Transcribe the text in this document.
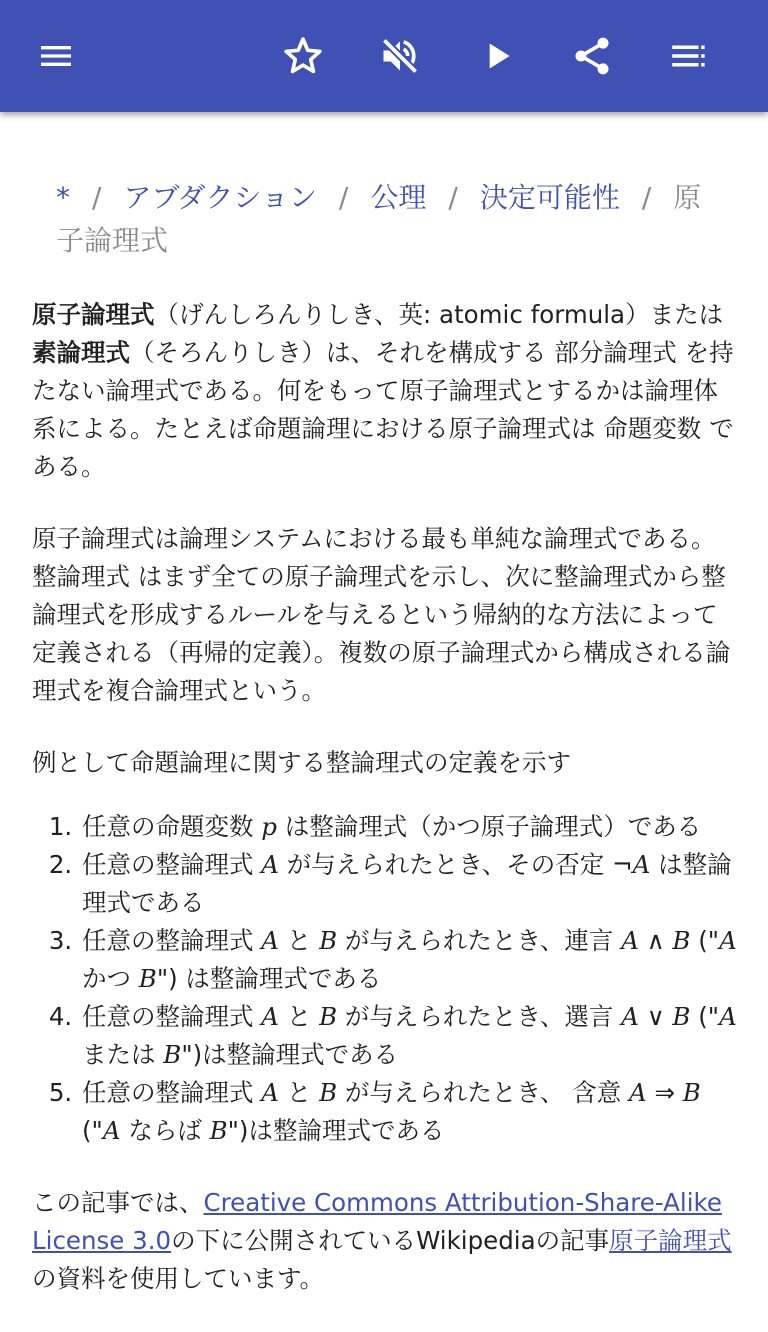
* / アブダクション / 公理 / 決定可能性 / 原子論理式

原子論理式（げんしろんりしき、英: atomic formula）または素論理式（そろんりしき）は、それを構成する 部分論理式 を持たない論理式である。何をもって原子論理式とするかは論理体系による。たとえば命題論理における原子論理式は 命題変数 である。

原子論理式は論理システムにおける最も単純な論理式である。 整論理式 はまず全ての原子論理式を示し、次に整論理式から整論理式を形成するルールを与えるという帰納的な方法によって定義される（再帰的定義）。複数の原子論理式から構成される論理式を複合論理式という。

例として命題論理に関する整論理式の定義を示す

1. 任意の命題変数 p は整論理式（かつ原子論理式）である
2. 任意の整論理式 A が与えられたとき、その否定 ¬A は整論理式である
3. 任意の整論理式 A と B が与えられたとき、連言 A ∧ B ("A かつ B") は整論理式である
4. 任意の整論理式 A と B が与えられたとき、選言 A ∨ B ("A または B")は整論理式である
5. 任意の整論理式 A と B が与えられたとき、 含意 A ⇒ B ("A ならば B")は整論理式である

この記事では、Creative Commons Attribution-Share-Alike License 3.0の下に公開されているWikipediaの記事原子論理式の資料を使用しています。
